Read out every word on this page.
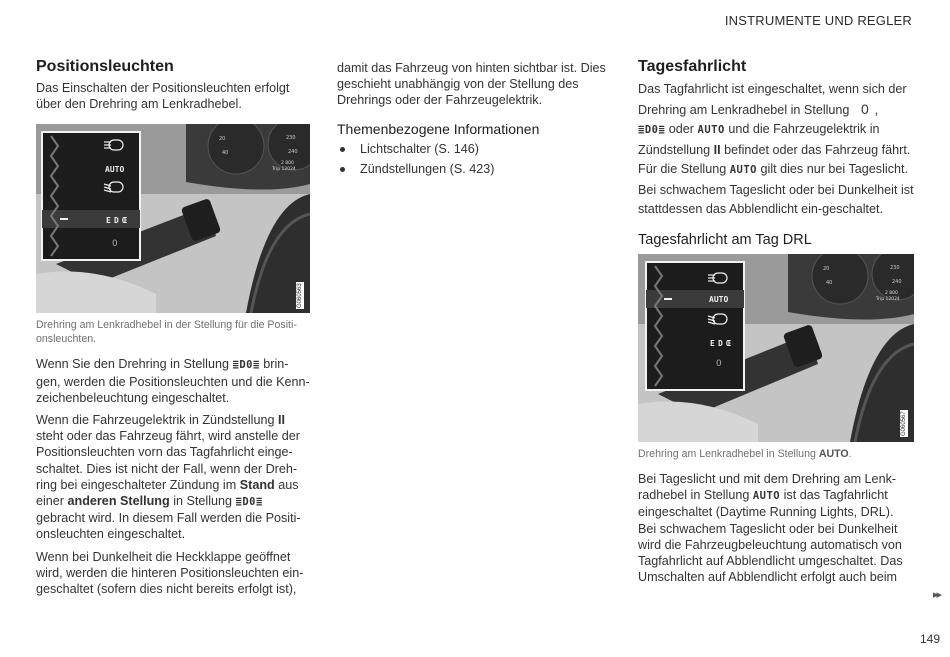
INSTRUMENTE UND REGLER
Positionsleuchten

Das Einschalten der Positionsleuchten erfolgt über den Drehring am Lenkradhebel.

20	230
40	240
2 800
Trip 12024
AUTO
E D Œ
0
G060563

Drehring am Lenkradhebel in der Stellung für die Positi-onsleuchten.

Wenn Sie den Drehring in Stellung ≣D0≣ brin-gen, werden die Positionsleuchten und die Kenn-zeichenbeleuchtung eingeschaltet.

Wenn die Fahrzeugelektrik in Zündstellung II steht oder das Fahrzeug fährt, wird anstelle der Positionsleuchten vorn das Tagfahrlicht einge-schaltet. Dies ist nicht der Fall, wenn der Dreh-ring bei eingeschalteter Zündung im Stand aus einer anderen Stellung in Stellung ≣D0≣ gebracht wird. In diesem Fall werden die Positi-onsleuchten eingeschaltet.

Wenn bei Dunkelheit die Heckklappe geöffnet wird, werden die hinteren Positionsleuchten ein-geschaltet (sofern dies nicht bereits erfolgt ist),

damit das Fahrzeug von hinten sichtbar ist. Dies geschieht unabhängig von der Stellung des Drehrings oder der Fahrzeugelektrik.

Themenbezogene Informationen
Lichtschalter (S. 146)
Zündstellungen (S. 423)
Tagesfahrlicht

Das Tagfahrlicht ist eingeschaltet, wenn sich der Drehring am Lenkradhebel in Stellung 0 ,
≣D0≣ oder AUTO und die Fahrzeugelektrik in Zündstellung II befindet oder das Fahrzeug fährt. Für die Stellung AUTO gilt dies nur bei Tageslicht. Bei schwachem Tageslicht oder bei Dunkelheit ist stattdessen das Abblendlicht ein-geschaltet.

Tagesfahrlicht am Tag DRL
20	230
40	240
2 800
Trip 12024
AUTO
E D Œ
0
G060567

Drehring am Lenkradhebel in Stellung AUTO.

Bei Tageslicht und mit dem Drehring am Lenk-radhebel in Stellung AUTO ist das Tagfahrlicht eingeschaltet (Daytime Running Lights, DRL). Bei schwachem Tageslicht oder bei Dunkelheit wird die Fahrzeugbeleuchtung automatisch von Tagfahrlicht auf Abblendlicht umgeschaltet. Das Umschalten auf Abblendlicht erfolgt auch beim

▸▸
149
